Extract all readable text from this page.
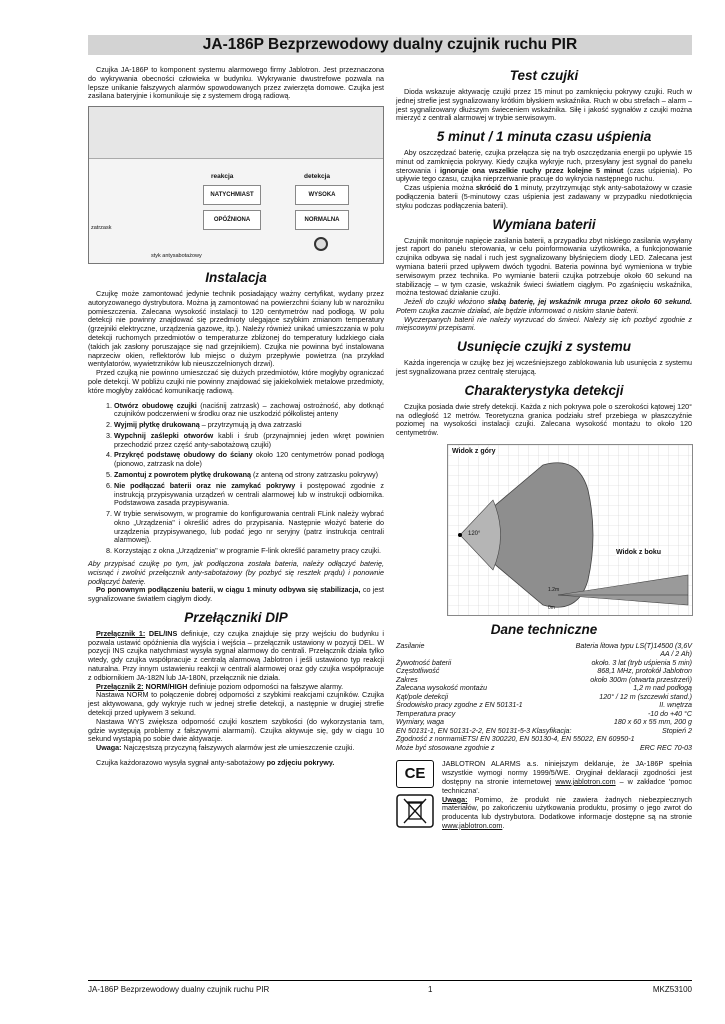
JA-186P Bezprzewodowy dualny czujnik ruchu PIR

Czujka JA-186P to komponent systemu alarmowego firmy Jablotron. Jest przeznaczona do wykrywania obecności człowieka w budynku. Wykrywanie dwustrefowe pozwala na lepsze unikanie fałszywych alarmów spowodowanych przez zwierzęta domowe. Czujka jest zasilana bateryjnie i komunikuje się z systemem drogą radiową.

reakcja	detekcja
NATYCHMIAST	WYSOKA
OPÓŹNIONA	NORMALNA
zatrzask
styk antysabotażowy
Instalacja

Czujkę może zamontować jedynie technik posiadający ważny certyfikat, wydany przez autoryzowanego dystrybutora. Można ją zamontować na powierzchni ściany lub w narożniku pomieszczenia. Zalecana wysokość instalacji to 120 centymetrów nad podłogą. W polu detekcji nie powinny znajdować się przedmioty ulegające szybkim zmianom temperatury (grzejniki elektryczne, urządzenia gazowe, itp.). Należy również unikać umieszczania w polu detekcji ruchomych przedmiotów o temperaturze zbliżonej do temperatury ludzkiego ciała (takich jak zasłony poruszające się nad grzejnikiem). Czujka nie powinna być instalowana naprzeciw okien, reflektorów lub miejsc o dużym przepływie powietrza (na przykład wentylatorów, wywietrzników lub nieuszczelnionych drzwi).

Przed czujką nie powinno umieszczać się dużych przedmiotów, które mogłyby ograniczać pole detekcji. W pobliżu czujki nie powinny znajdować się jakiekolwiek metalowe przedmioty, które mogłyby zakłócać komunikację radiową.

1. Otwórz obudowę czujki (naciśnij zatrzask) – zachowaj ostrożność, aby dotknąć czujników podczerwieni w środku oraz nie uszkodzić półkolistej anteny
2. Wyjmij płytkę drukowaną – przytrzymują ją dwa zatrzaski
3. Wypchnij zaślepki otworów kabli i śrub (przynajmniej jeden wkręt powinien przechodzić przez część anty-sabotażową czujki)
4. Przykręć podstawę obudowy do ściany około 120 centymetrów ponad podłogą (pionowo, zatrzask na dole)
5. Zamontuj z powrotem płytkę drukowaną (z anteną od strony zatrzasku pokrywy)
6. Nie podłączać baterii oraz nie zamykać pokrywy i postępować zgodnie z instrukcją przypisywania urządzeń w centrali alarmowej lub w instrukcji odbiornika. Podstawowa zasada przypisywania.
7. W trybie serwisowym, w programie do konfigurowania centrali FLink należy wybrać okno „Urządzenia" i określić adres do przypisania. Następnie włożyć baterie do urządzenia przypisywanego, lub podać jego nr seryjny (patrz instrukcja centrali alarmowej).
8. Korzystając z okna „Urządzenia" w programie F-link określić parametry pracy czujki.

Aby przypisać czujkę po tym, jak podłączona została bateria, należy odłączyć baterię, wcisnąć i zwolnić przełącznik anty-sabotażowy (by pozbyć się resztek prądu) i ponownie podłączyć baterię.

Po ponownym podłączeniu baterii, w ciągu 1 minuty odbywa się stabilizacja, co jest sygnalizowane światłem ciągłym diody.

Przełączniki DIP

Przełącznik 1: DEL/INS definiuje, czy czujka znajduje się przy wejściu do budynku i pozwala ustawić opóźnienia dla wyjścia i wejścia – przełącznik ustawiony w pozycji DEL. W pozycji INS czujka natychmiast wysyła sygnał alarmowy do centrali. Przełącznik działa tylko wtedy, gdy czujka współpracuje z centralą alarmową Jablotron i jeśli ustawiono typ reakcji naturalna. Przy innym ustawieniu reakcji w centrali alarmowej oraz gdy czujka współpracuje z odbiornikiem JA-182N lub JA-180N, przełącznik nie działa.

Przełącznik 2: NORM/HIGH definiuje poziom odporności na fałszywe alarmy.

Nastawa NORM to połączenie dobrej odporności z szybkimi reakcjami czujników. Czujka jest aktywowana, gdy wykryje ruch w jednej strefie detekcji, a następnie w drugiej strefie detekcji przed upływem 3 sekund.

Nastawa WYS zwiększa odporność czujki kosztem szybkości (do wykorzystania tam, gdzie występują problemy z fałszywymi alarmami). Czujka aktywuje się, gdy w ciągu 10 sekund wystąpią po sobie dwie aktywacje.

Uwaga: Najczęstszą przyczyną fałszywych alarmów jest złe umieszczenie czujki.

Czujka każdorazowo wysyła sygnał anty-sabotażowy po zdjęciu pokrywy.

Test czujki

Dioda wskazuje aktywację czujki przez 15 minut po zamknięciu pokrywy czujki. Ruch w jednej strefie jest sygnalizowany krótkim błyskiem wskaźnika. Ruch w obu strefach – alarm – jest sygnalizowany dłuższym świeceniem wskaźnika. Siłę i jakość sygnałów z czujki można mierzyć z centrali alarmowej w trybie serwisowym.

5 minut / 1 minuta czasu uśpienia

Aby oszczędzać baterię, czujka przełącza się na tryb oszczędzania energii po upływie 15 minut od zamknięcia pokrywy. Kiedy czujka wykryje ruch, przesyłany jest sygnał do panelu sterowania i ignoruje ona wszelkie ruchy przez kolejne 5 minut (czas uśpienia). Po upływie tego czasu, czujka nieprzerwanie pracuje do wykrycia następnego ruchu.

Czas uśpienia można skrócić do 1 minuty, przytrzymując styk anty-sabotażowy w czasie podłączenia baterii (5-minutowy czas uśpienia jest zadawany w przypadku niedotknięcia styku podczas podłączenia baterii).

Wymiana baterii

Czujnik monitoruje napięcie zasilania baterii, a przypadku zbyt niskiego zasilania wysyłany jest raport do panelu sterowania, w celu poinformowania użytkownika, a funkcjonowanie czujnika odbywa się nadal i ruch jest sygnalizowany błyśnięciem diody LED. Zalecana jest wymiana baterii przed upływem dwóch tygodni. Bateria powinna być wymieniona w trybie serwisowym przez technika. Po wymianie baterii czujka potrzebuje około 60 sekund na stabilizację – w tym czasie, wskaźnik świeci światłem ciągłym. Po zgaśnięciu wskaźnika, można testować działanie czujki.

Jeżeli do czujki włożono słabą baterię, jej wskaźnik mruga przez około 60 sekund. Potem czujka zacznie działać, ale będzie informować o niskim stanie baterii.

Wyczerpanych baterii nie należy wyrzucać do śmieci. Należy się ich pozbyć zgodnie z miejscowymi przepisami.

Usunięcie czujki z systemu

Każda ingerencja w czujkę bez jej wcześniejszego zablokowania lub usunięcia z systemu jest sygnalizowana przez centralę sterującą.

Charakterystyka detekcji

Czujka posiada dwie strefy detekcji. Każda z nich pokrywa pole o szerokości kątowej 120° na odległość 12 metrów. Teoretyczna granica podziału stref przebiega w płaszczyźnie poziomej na wysokości instalacji czujki. Zalecana wysokość montażu to około 120 centymetrów.

Widok z góry
Widok z boku
120°
1.2m
0m
Dane techniczne
Zasilanie	Bateria litowa typu LS(T)14500 (3,6V AA / 2 Ah)
Żywotność baterii	około. 3 lat (tryb uśpienia 5 min)
Częstotliwość	868,1 MHz, protokół Jablotron
Zakres	około 300m (otwarta przestrzeń)
Zalecana wysokość montażu	1,2 m nad podłogą
Kąt/pole detekcji	120° / 12 m (szczewki stand.)
Środowisko pracy zgodne z EN 50131-1	II. wnętrza
Temperatura pracy	-10 do +40 °C
Wymiary, waga	180 x 60 x 55 mm, 200 g
EN 50131-1, EN 50131-2-2, EN 50131-5-3 Klasyfikacja:	Stopień 2
Zgodność z normamiETSI EN 300220, EN 50130-4, EN 55022, EN 60950-1	
Może być stosowane zgodnie z	ERC REC 70-03
CE

JABLOTRON ALARMS a.s. niniejszym deklaruje, że JA-186P spełnia wszystkie wymogi normy 1999/5/WE. Oryginał deklaracji zgodności jest dostępny na stronie internetowej www.jablotron.com – w zakładce 'pomoc techniczna'.

Uwaga: Pomimo, że produkt nie zawiera żadnych niebezpiecznych materiałów, po zakończeniu użytkowania produktu, prosimy o jego zwrot do producenta lub dystrybutora. Dodatkowe informacje dostępne są na stronie www.jablotron.com.

JA-186P Bezprzewodowy dualny czujnik ruchu PIR	1	MKZ53100
